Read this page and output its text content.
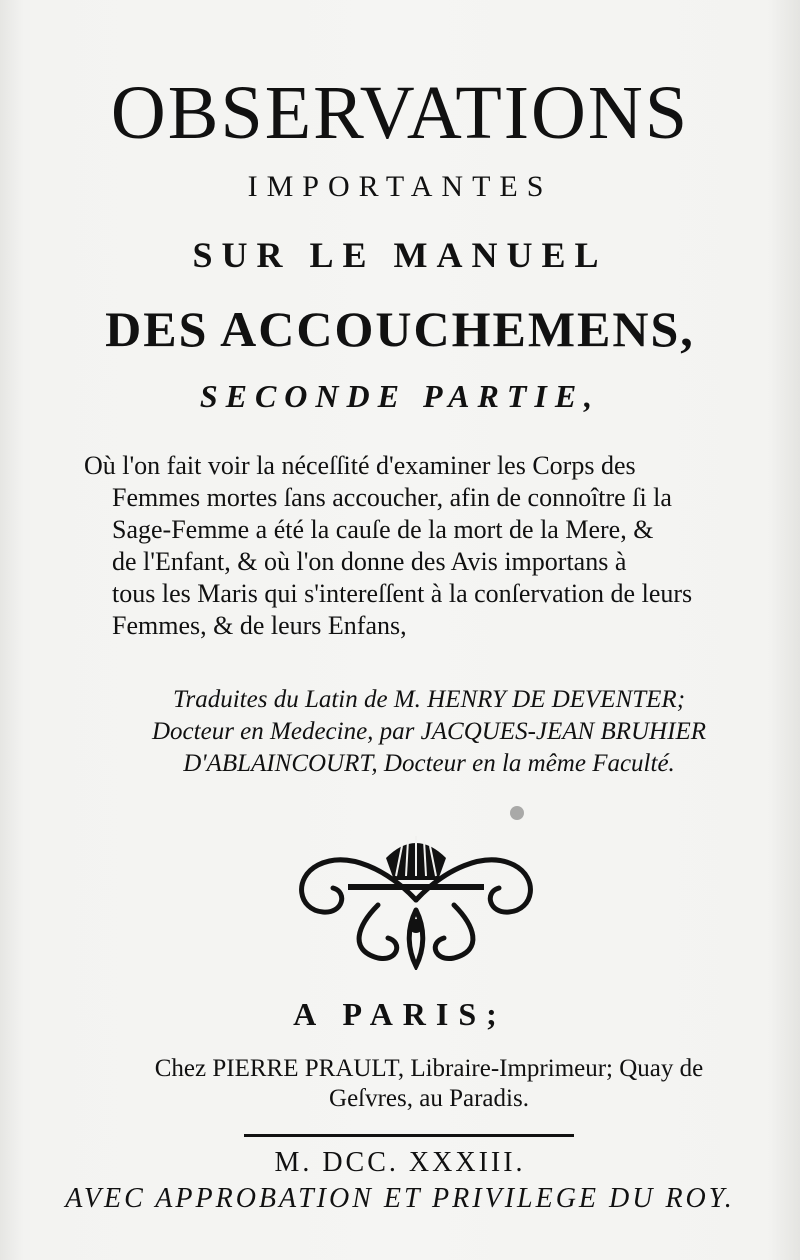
OBSERVATIONS
IMPORTANTES
SUR LE MANUEL
DES ACCOUCHEMENS,
SECONDE PARTIE,
Où l'on fait voir la néceſſité d'examiner les Corps des
Femmes mortes ſans accoucher, afin de connoître ſi la
Sage-Femme a été la cauſe de la mort de la Mere, &
de l'Enfant, & où l'on donne des Avis importans à
tous les Maris qui s'intereſſent à la conſervation de leurs
Femmes, & de leurs Enfans,
Traduites du Latin de M. HENRY DE DEVENTER;
Docteur en Medecine, par JACQUES-JEAN BRUHIER
D'ABLAINCOURT, Docteur en la même Faculté.
A PARIS;
Chez PIERRE PRAULT, Libraire-Imprimeur; Quay de
Geſvres, au Paradis.
M. DCC. XXXIII.
AVEC APPROBATION ET PRIVILEGE DU ROY.
